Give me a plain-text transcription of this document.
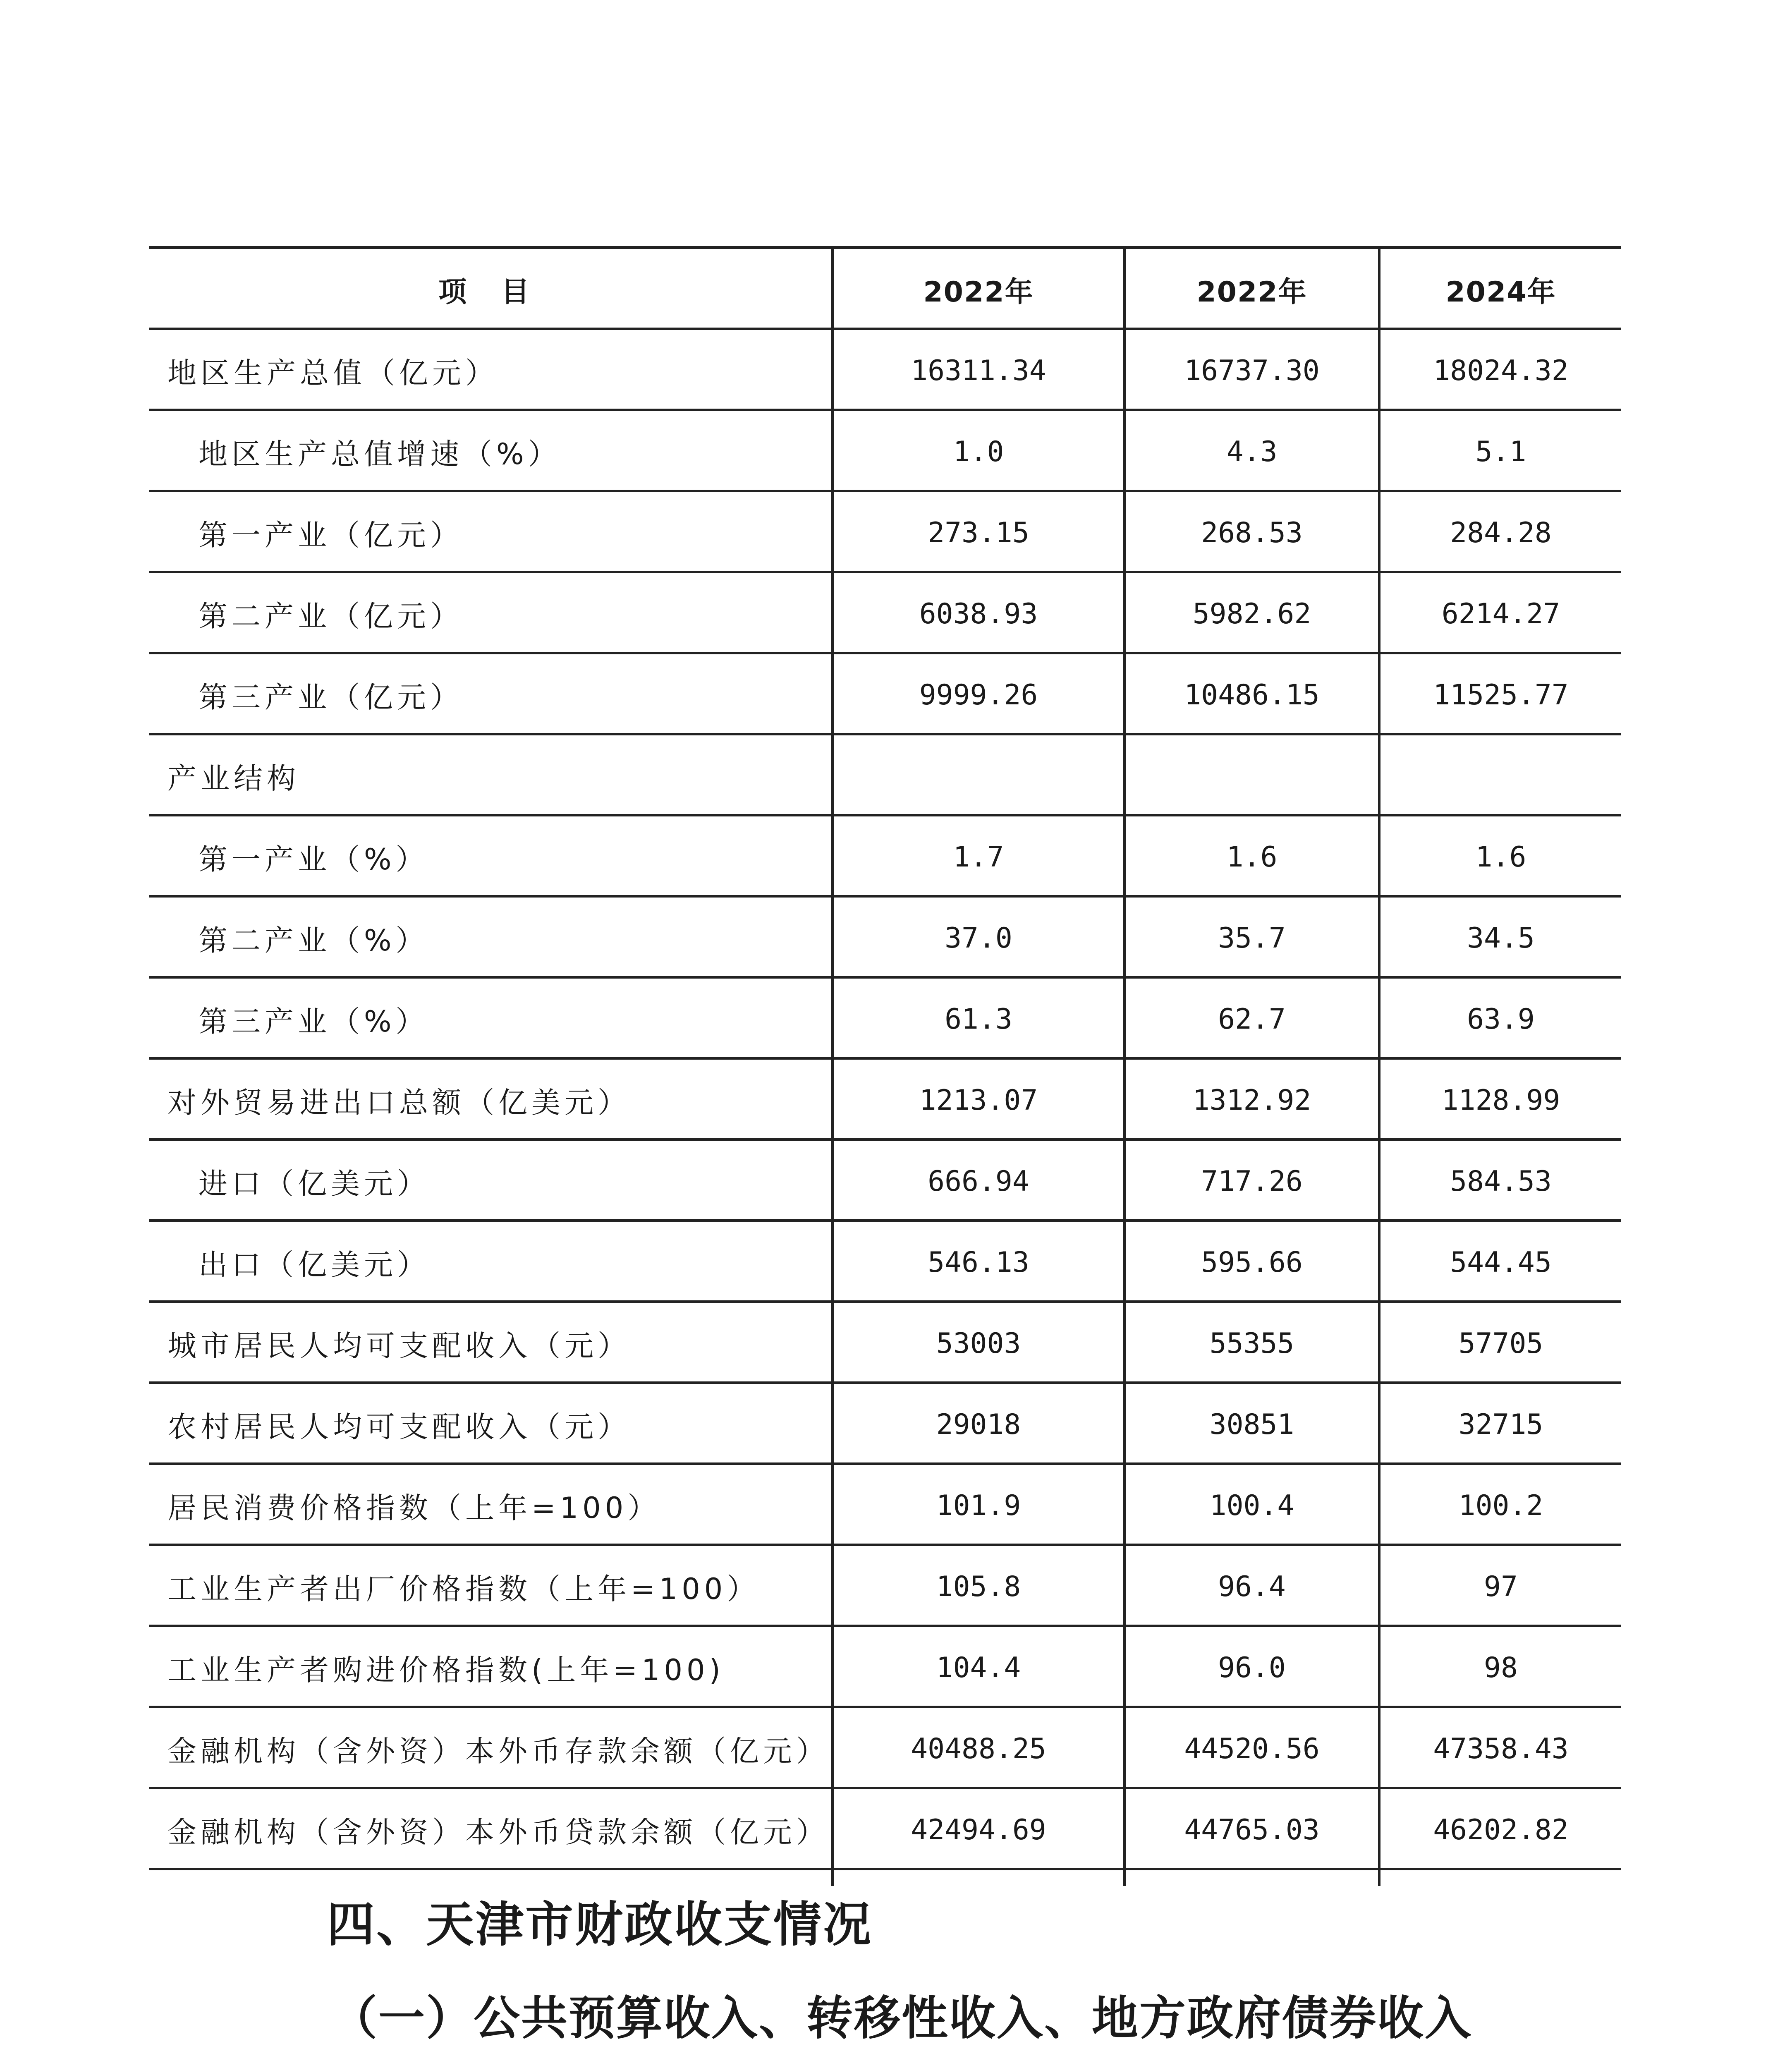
项 目	2022年	2022年	2024年
地区生产总值（亿元）	16311.34	16737.30	18024.32
地区生产总值增速（%）	1.0	4.3	5.1
第一产业（亿元）	273.15	268.53	284.28
第二产业（亿元）	6038.93	5982.62	6214.27
第三产业（亿元）	9999.26	10486.15	11525.77
产业结构
第一产业（%）	1.7	1.6	1.6
第二产业（%）	37.0	35.7	34.5
第三产业（%）	61.3	62.7	63.9
对外贸易进出口总额（亿美元）	1213.07	1312.92	1128.99
进口（亿美元）	666.94	717.26	584.53
出口（亿美元）	546.13	595.66	544.45
城市居民人均可支配收入（元）	53003	55355	57705
农村居民人均可支配收入（元）	29018	30851	32715
居民消费价格指数（上年=100）	101.9	100.4	100.2
工业生产者出厂价格指数（上年=100）	105.8	96.4	97
工业生产者购进价格指数(上年=100)	104.4	96.0	98
金融机构（含外资）本外币存款余额（亿元）	40488.25	44520.56	47358.43
金融机构（含外资）本外币贷款余额（亿元）	42494.69	44765.03	46202.82
四、天津市财政收支情况
（一）公共预算收入、转移性收入、地方政府债券收入
